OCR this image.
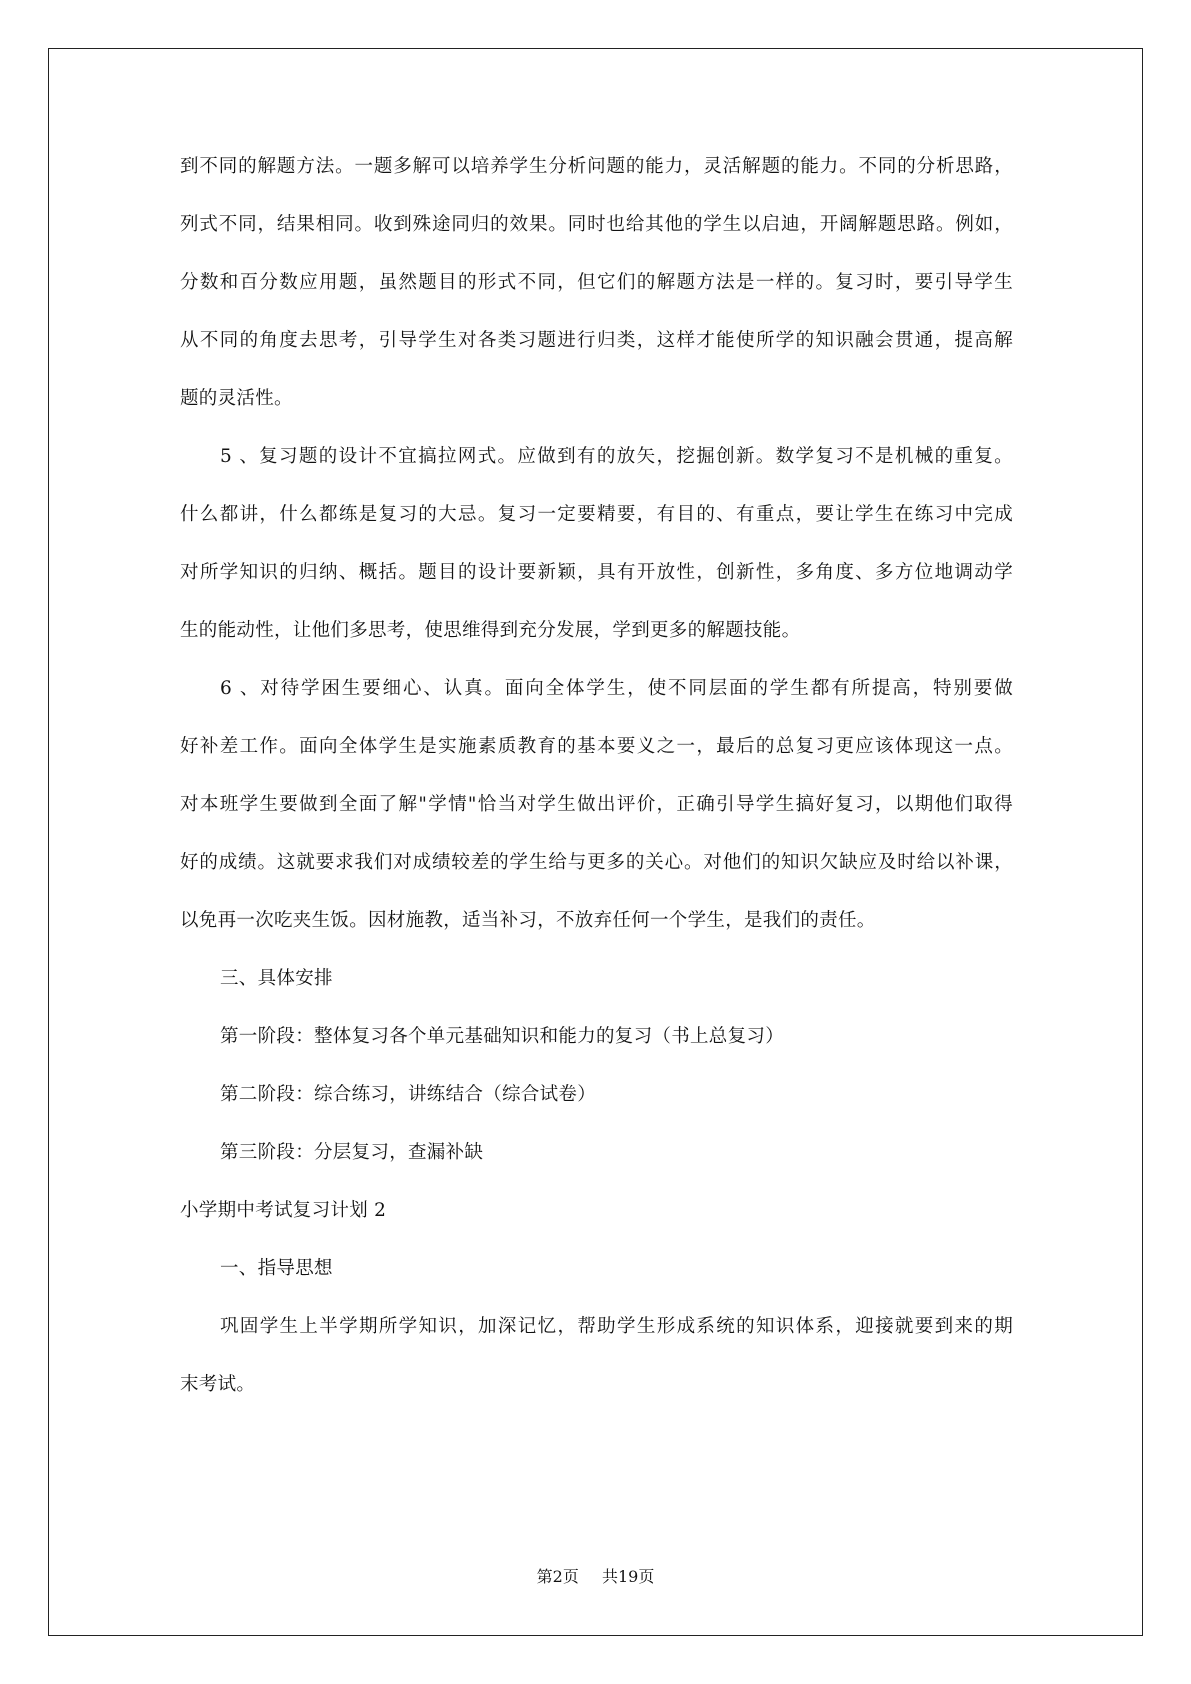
到不同的解题方法。一题多解可以培养学生分析问题的能力，灵活解题的能力。不同的分析思路，
列式不同，结果相同。收到殊途同归的效果。同时也给其他的学生以启迪，开阔解题思路。例如，
分数和百分数应用题，虽然题目的形式不同，但它们的解题方法是一样的。复习时，要引导学生
从不同的角度去思考，引导学生对各类习题进行归类，这样才能使所学的知识融会贯通，提高解
题的灵活性。
5 、复习题的设计不宜搞拉网式。应做到有的放矢，挖掘创新。数学复习不是机械的重复。
什么都讲，什么都练是复习的大忌。复习一定要精要，有目的、有重点，要让学生在练习中完成
对所学知识的归纳、概括。题目的设计要新颖，具有开放性，创新性，多角度、多方位地调动学
生的能动性，让他们多思考，使思维得到充分发展，学到更多的解题技能。
6 、对待学困生要细心、认真。面向全体学生，使不同层面的学生都有所提高，特别要做
好补差工作。面向全体学生是实施素质教育的基本要义之一，最后的总复习更应该体现这一点。
对本班学生要做到全面了解"学情"恰当对学生做出评价，正确引导学生搞好复习，以期他们取得
好的成绩。这就要求我们对成绩较差的学生给与更多的关心。对他们的知识欠缺应及时给以补课，
以免再一次吃夹生饭。因材施教，适当补习，不放弃任何一个学生，是我们的责任。
三、具体安排
第一阶段：整体复习各个单元基础知识和能力的复习（书上总复习）
第二阶段：综合练习，讲练结合（综合试卷）
第三阶段：分层复习，查漏补缺
小学期中考试复习计划 2
一、指导思想
巩固学生上半学期所学知识，加深记忆，帮助学生形成系统的知识体系，迎接就要到来的期
末考试。
第2页 共19页
